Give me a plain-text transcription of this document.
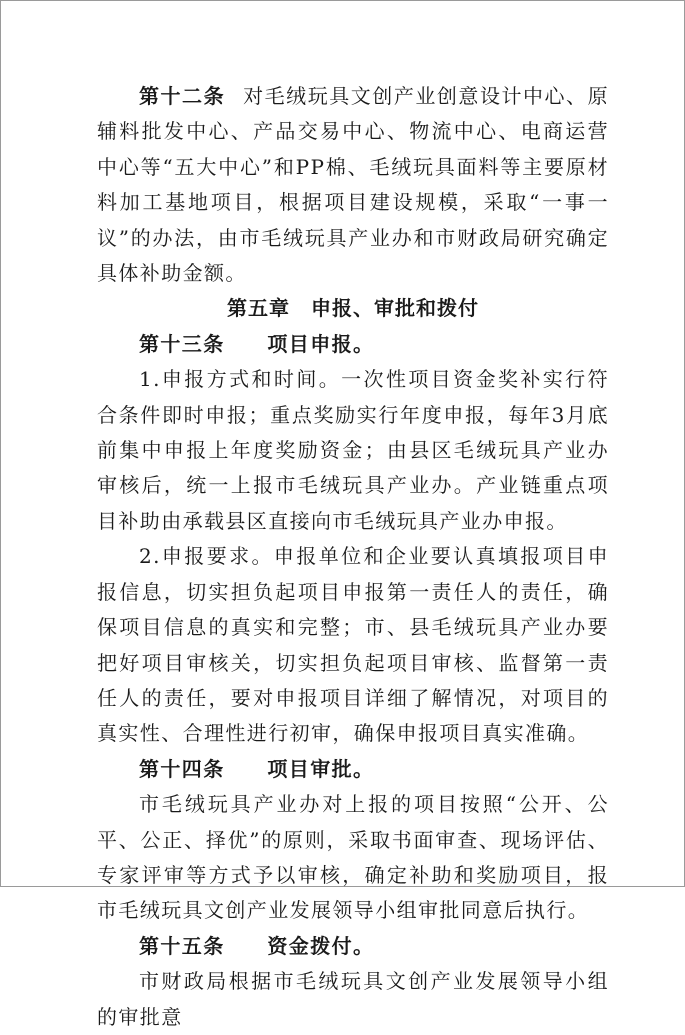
第十二条 对毛绒玩具文创产业创意设计中心、原辅料批发中心、产品交易中心、物流中心、电商运营中心等“五大中心”和PP棉、毛绒玩具面料等主要原材料加工基地项目，根据项目建设规模，采取“一事一议”的办法，由市毛绒玩具产业办和市财政局研究确定具体补助金额。

第五章　申报、审批和拨付

第十三条　　项目申报。

1.申报方式和时间。一次性项目资金奖补实行符合条件即时申报；重点奖励实行年度申报，每年3月底前集中申报上年度奖励资金；由县区毛绒玩具产业办审核后，统一上报市毛绒玩具产业办。产业链重点项目补助由承载县区直接向市毛绒玩具产业办申报。

2.申报要求。申报单位和企业要认真填报项目申报信息，切实担负起项目申报第一责任人的责任，确保项目信息的真实和完整；市、县毛绒玩具产业办要把好项目审核关，切实担负起项目审核、监督第一责任人的责任，要对申报项目详细了解情况，对项目的真实性、合理性进行初审，确保申报项目真实准确。

第十四条　　项目审批。

市毛绒玩具产业办对上报的项目按照“公开、公平、公正、择优”的原则，采取书面审查、现场评估、专家评审等方式予以审核，确定补助和奖励项目，报市毛绒玩具文创产业发展领导小组审批同意后执行。

第十五条　　资金拨付。

市财政局根据市毛绒玩具文创产业发展领导小组的审批意
